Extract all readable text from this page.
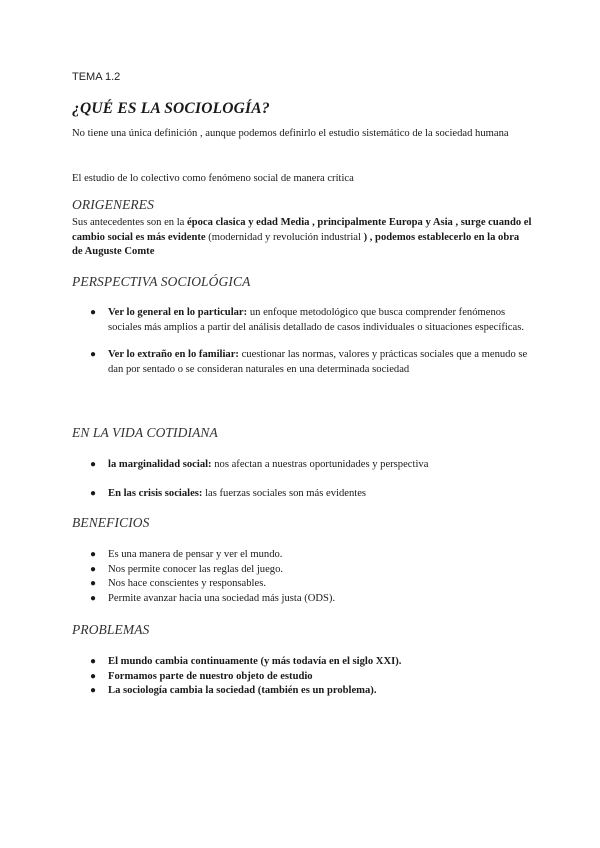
TEMA 1.2
¿QUÉ ES LA SOCIOLOGÍA?
No tiene una única definición , aunque podemos definirlo el estudio sistemático de la sociedad humana
El estudio de lo colectivo como fenómeno social de manera crítica
ORIGENERES
Sus antecedentes son en la época clasica y edad Media , principalmente Europa y Asia , surge cuando el cambio social es más evidente (modernidad y revolución industrial ) , podemos establecerlo en la obra de Auguste Comte
PERSPECTIVA SOCIOLÓGICA
● Ver lo general en lo particular: un enfoque metodológico que busca comprender fenómenos sociales más amplios a partir del análisis detallado de casos individuales o situaciones específicas.
● Ver lo extraño en lo familiar: cuestionar las normas, valores y prácticas sociales que a menudo se dan por sentado o se consideran naturales en una determinada sociedad
EN LA VIDA COTIDIANA
● la marginalidad social: nos afectan a nuestras oportunidades y perspectiva
● En las crisis sociales: las fuerzas sociales son más evidentes
BENEFICIOS
● Es una manera de pensar y ver el mundo.
● Nos permite conocer las reglas del juego.
● Nos hace conscientes y responsables.
● Permite avanzar hacia una sociedad más justa (ODS).
PROBLEMAS
● El mundo cambia continuamente (y más todavía en el siglo XXI).
● Formamos parte de nuestro objeto de estudio
● La sociología cambia la sociedad (también es un problema).
